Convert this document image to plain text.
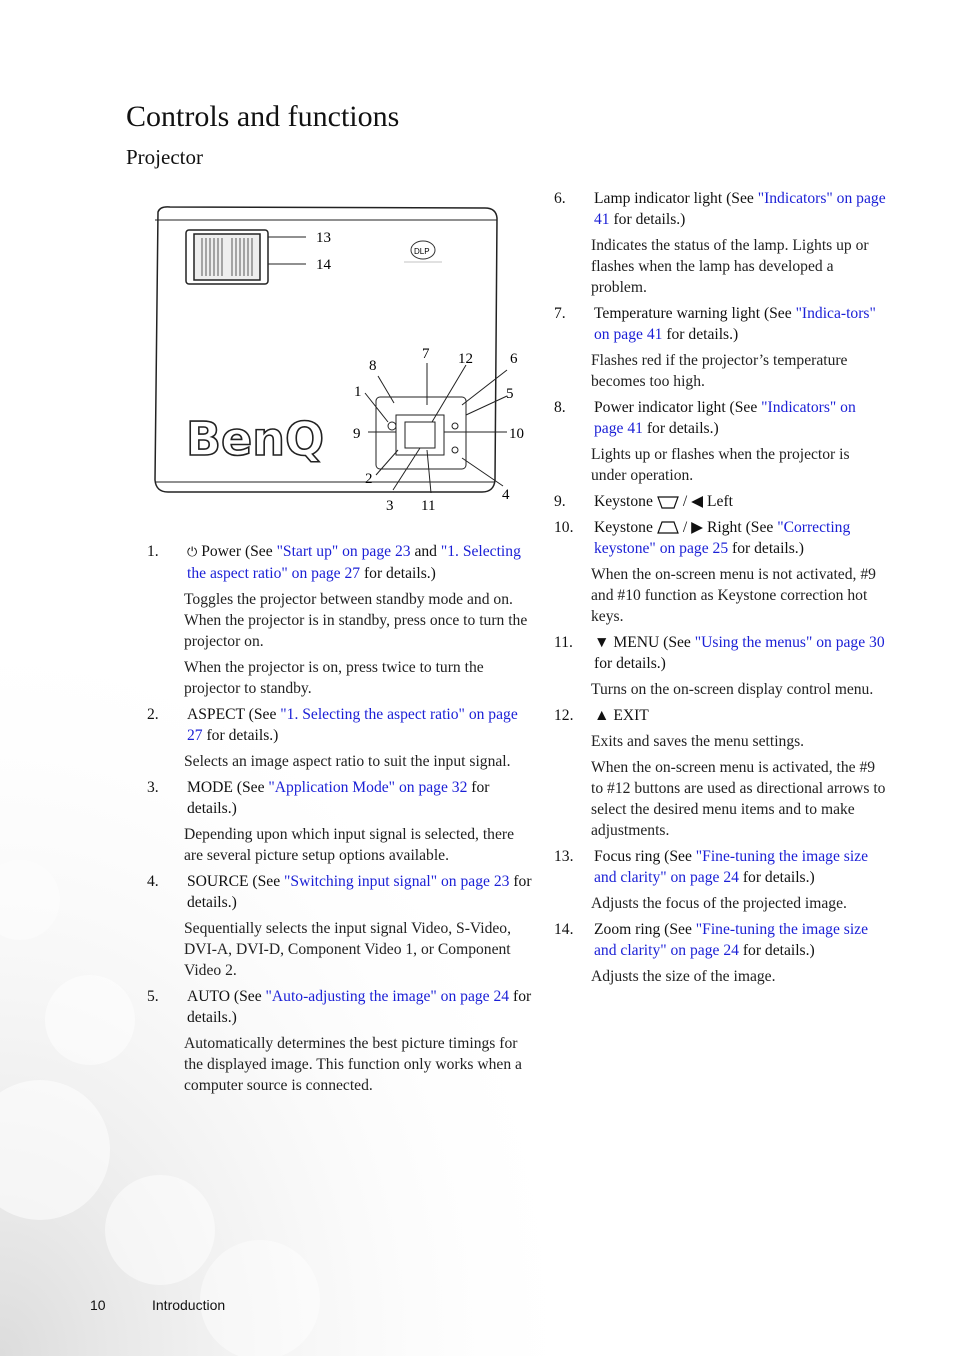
Controls and functions
Projector
13
14
DLP
BenQ
7 12 6
8
1	5
9	10
2
4
3 11
1. ⏻ Power (See "Start up" on page 23 and "1. Selecting the aspect ratio" on page 27 for details.)
Toggles the projector between standby mode and on. When the projector is in standby, press once to turn the projector on.
When the projector is on, press twice to turn the projector to standby.
2. ASPECT (See "1. Selecting the aspect ratio" on page 27 for details.)
Selects an image aspect ratio to suit the input signal.
3. MODE (See "Application Mode" on page 32 for details.)
Depending upon which input signal is selected, there are several picture setup options available.
4. SOURCE (See "Switching input signal" on page 23 for details.)
Sequentially selects the input signal Video, S-Video, DVI-A, DVI-D, Component Video 1, or Component Video 2.
5. AUTO (See "Auto-adjusting the image" on page 24 for details.)
Automatically determines the best picture timings for the displayed image. This function only works when a computer source is connected.
6. Lamp indicator light (See "Indicators" on page 41 for details.)
Indicates the status of the lamp. Lights up or flashes when the lamp has developed a problem.
7. Temperature warning light (See "Indica-tors" on page 41 for details.)
Flashes red if the projector’s temperature becomes too high.
8. Power indicator light (See "Indicators" on page 41 for details.)
Lights up or flashes when the projector is under operation.
9. Keystone / ◀ Left
10. Keystone / ▶ Right (See "Correcting keystone" on page 25 for details.)
When the on-screen menu is not activated, #9 and #10 function as Keystone correction hot keys.
11. ▼ MENU (See "Using the menus" on page 30 for details.)
Turns on the on-screen display control menu.
12. ▲ EXIT
Exits and saves the menu settings.
When the on-screen menu is activated, the #9 to #12 buttons are used as directional arrows to select the desired menu items and to make adjustments.
13. Focus ring (See "Fine-tuning the image size and clarity" on page 24 for details.)
Adjusts the focus of the projected image.
14. Zoom ring (See "Fine-tuning the image size and clarity" on page 24 for details.)
Adjusts the size of the image.
10	Introduction
